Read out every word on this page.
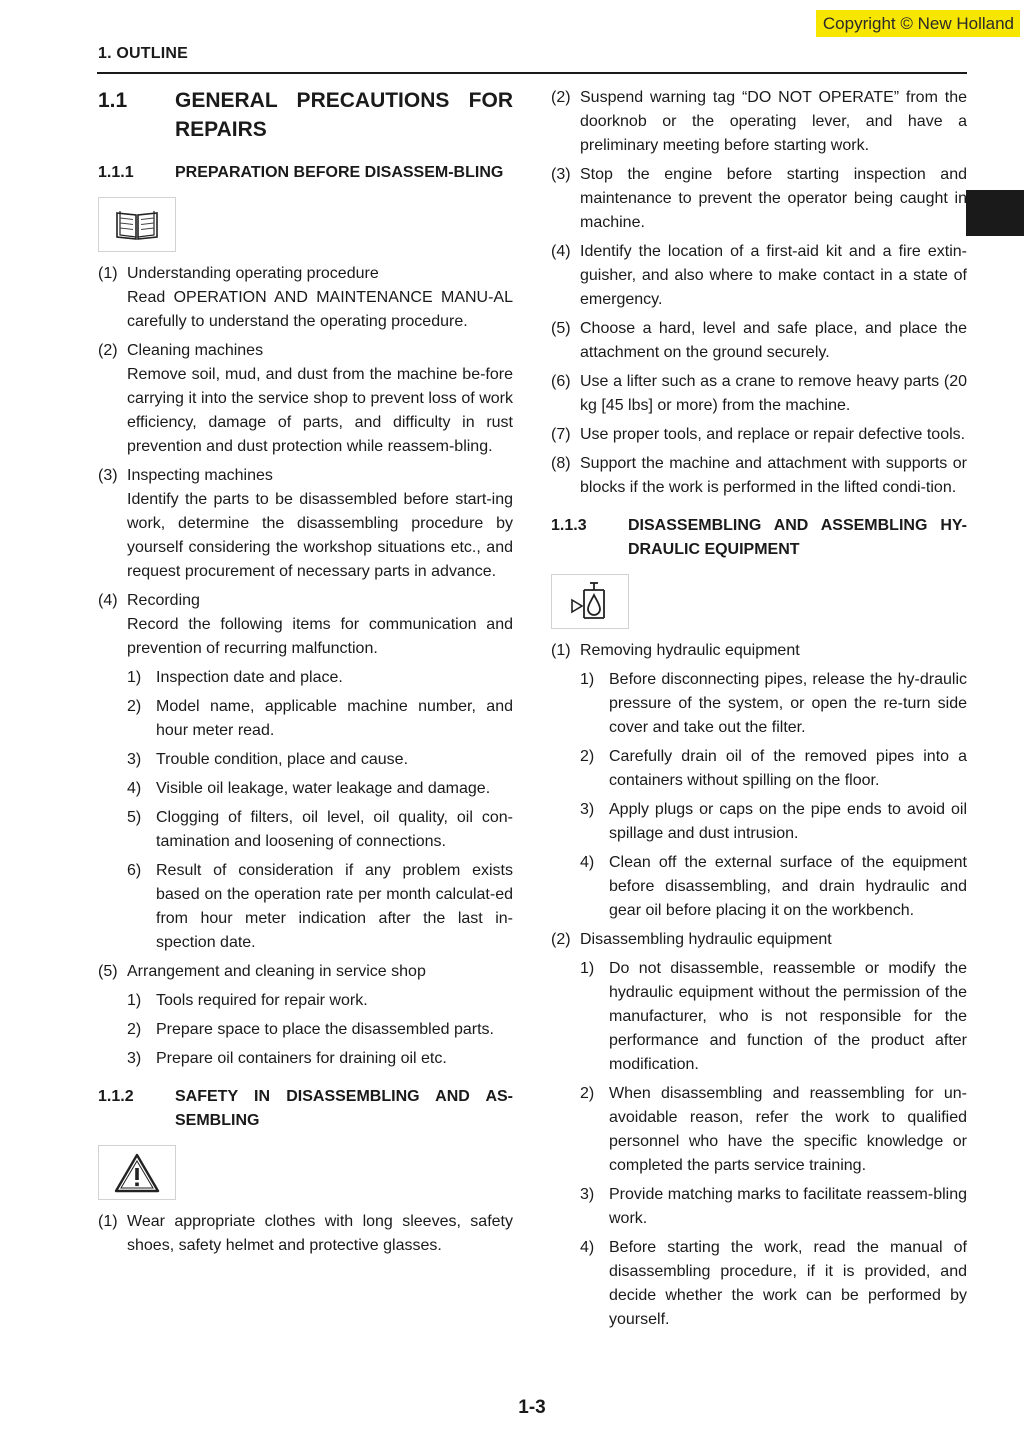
Copyright © New Holland
1. OUTLINE
1.1	GENERAL PRECAUTIONS FOR REPAIRS
1.1.1	PREPARATION BEFORE DISASSEM-BLING
(1) Understanding operating procedure
Read OPERATION AND MAINTENANCE MANU-AL carefully to understand the operating procedure.
(2) Cleaning machines
Remove soil, mud, and dust from the machine be-fore carrying it into the service shop to prevent loss of work efficiency, damage of parts, and difficulty in rust prevention and dust protection while reassem-bling.
(3) Inspecting machines
Identify the parts to be disassembled before start-ing work, determine the disassembling procedure by yourself considering the workshop situations etc., and request procurement of necessary parts in advance.
(4) Recording
Record the following items for communication and prevention of recurring malfunction.
1) Inspection date and place.
2) Model name, applicable machine number, and hour meter read.
3) Trouble condition, place and cause.
4) Visible oil leakage, water leakage and damage.
5) Clogging of filters, oil level, oil quality, oil con-tamination and loosening of connections.
6) Result of consideration if any problem exists based on the operation rate per month calculat-ed from hour meter indication after the last in-spection date.
(5) Arrangement and cleaning in service shop
1) Tools required for repair work.
2) Prepare space to place the disassembled parts.
3) Prepare oil containers for draining oil etc.
1.1.2	SAFETY IN DISASSEMBLING AND AS-SEMBLING
(1) Wear appropriate clothes with long sleeves, safety shoes, safety helmet and protective glasses.
(2) Suspend warning tag “DO NOT OPERATE” from the doorknob or the operating lever, and have a preliminary meeting before starting work.
(3) Stop the engine before starting inspection and maintenance to prevent the operator being caught in machine.
(4) Identify the location of a first-aid kit and a fire extin-guisher, and also where to make contact in a state of emergency.
(5) Choose a hard, level and safe place, and place the attachment on the ground securely.
(6) Use a lifter such as a crane to remove heavy parts (20 kg [45 lbs] or more) from the machine.
(7) Use proper tools, and replace or repair defective tools.
(8) Support the machine and attachment with supports or blocks if the work is performed in the lifted condi-tion.
1.1.3	DISASSEMBLING AND ASSEMBLING HY-DRAULIC EQUIPMENT
(1) Removing hydraulic equipment
1) Before disconnecting pipes, release the hy-draulic pressure of the system, or open the re-turn side cover and take out the filter.
2) Carefully drain oil of the removed pipes into a containers without spilling on the floor.
3) Apply plugs or caps on the pipe ends to avoid oil spillage and dust intrusion.
4) Clean off the external surface of the equipment before disassembling, and drain hydraulic and gear oil before placing it on the workbench.
(2) Disassembling hydraulic equipment
1) Do not disassemble, reassemble or modify the hydraulic equipment without the permission of the manufacturer, who is not responsible for the performance and function of the product after modification.
2) When disassembling and reassembling for un-avoidable reason, refer the work to qualified personnel who have the specific knowledge or completed the parts service training.
3) Provide matching marks to facilitate reassem-bling work.
4) Before starting the work, read the manual of disassembling procedure, if it is provided, and decide whether the work can be performed by yourself.
1-3
